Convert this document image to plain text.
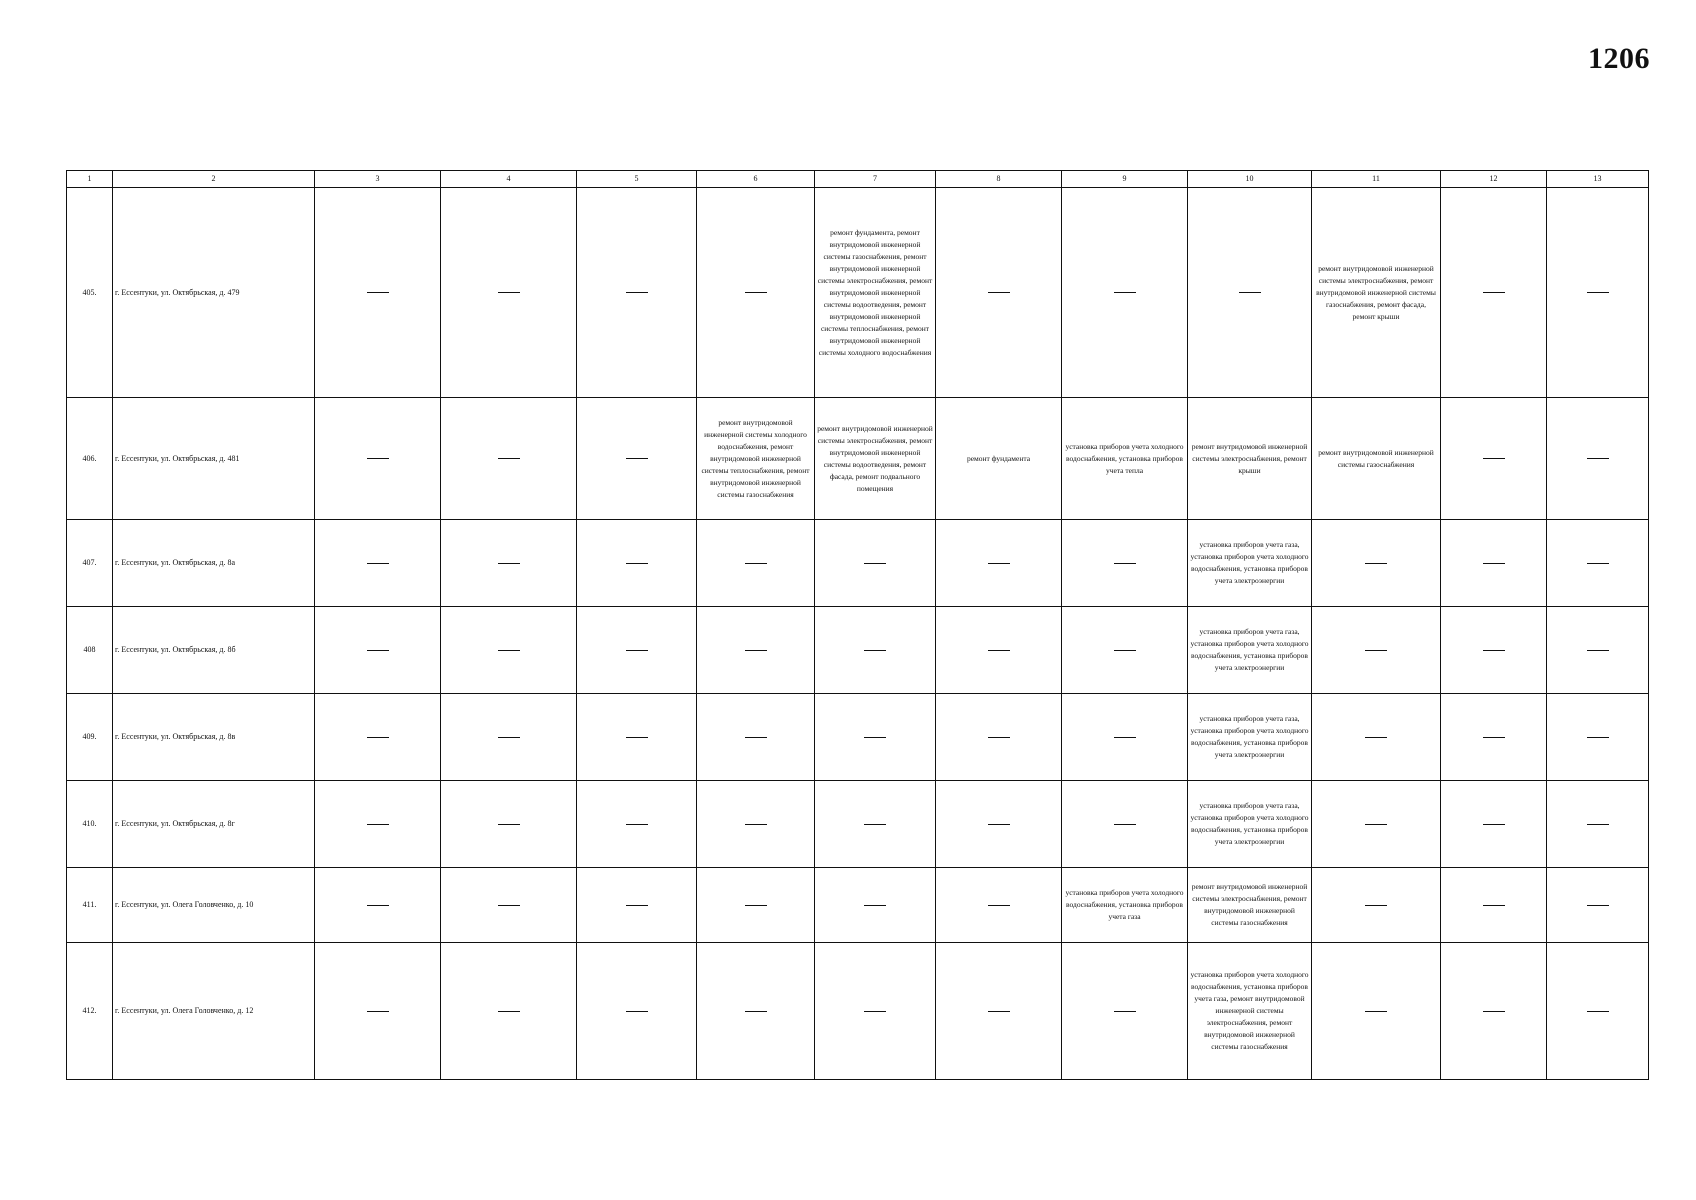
1206
1	2	3	4	5	6	7	8	9	10	11	12	13
405.	г. Ессентуки, ул. Октябрьская, д. 479					ремонт фундамента, ремонт внутридомовой инженерной системы газоснабжения, ремонт внутридомовой инженерной системы электроснабжения, ремонт внутридомовой инженерной системы водоотведения, ремонт внутридомовой инженерной системы теплоснабжения, ремонт внутридомовой инженерной системы холодного водоснабжения				ремонт внутридомовой инженерной системы электроснабжения, ремонт внутридомовой инженерной системы газоснабжения, ремонт фасада, ремонт крыши		
406.	г. Ессентуки, ул. Октябрьская, д. 481				ремонт внутридомовой инженерной системы холодного водоснабжения, ремонт внутридомовой инженерной системы теплоснабжения, ремонт внутридомовой инженерной системы газоснабжения	ремонт внутридомовой инженерной системы электроснабжения, ремонт внутридомовой инженерной системы водоотведения, ремонт фасада, ремонт подвального помещения	ремонт фундамента	установка приборов учета холодного водоснабжения, установка приборов учета тепла	ремонт внутридомовой инженерной системы электроснабжения, ремонт крыши	ремонт внутридомовой инженерной системы газоснабжения		
407.	г. Ессентуки, ул. Октябрьская, д. 8а								установка приборов учета газа, установка приборов учета холодного водоснабжения, установка приборов учета электроэнергии			
408	г. Ессентуки, ул. Октябрьская, д. 8б								установка приборов учета газа, установка приборов учета холодного водоснабжения, установка приборов учета электроэнергии			
409.	г. Ессентуки, ул. Октябрьская, д. 8в								установка приборов учета газа, установка приборов учета холодного водоснабжения, установка приборов учета электроэнергии			
410.	г. Ессентуки, ул. Октябрьская, д. 8г								установка приборов учета газа, установка приборов учета холодного водоснабжения, установка приборов учета электроэнергии			
411.	г. Ессентуки, ул. Олега Головченко, д. 10							установка приборов учета холодного водоснабжения, установка приборов учета газа	ремонт внутридомовой инженерной системы электроснабжения, ремонт внутридомовой инженерной системы газоснабжения			
412.	г. Ессентуки, ул. Олега Головченко, д. 12								установка приборов учета холодного водоснабжения, установка приборов учета газа, ремонт внутридомовой инженерной системы электроснабжения, ремонт внутридомовой инженерной системы газоснабжения			
